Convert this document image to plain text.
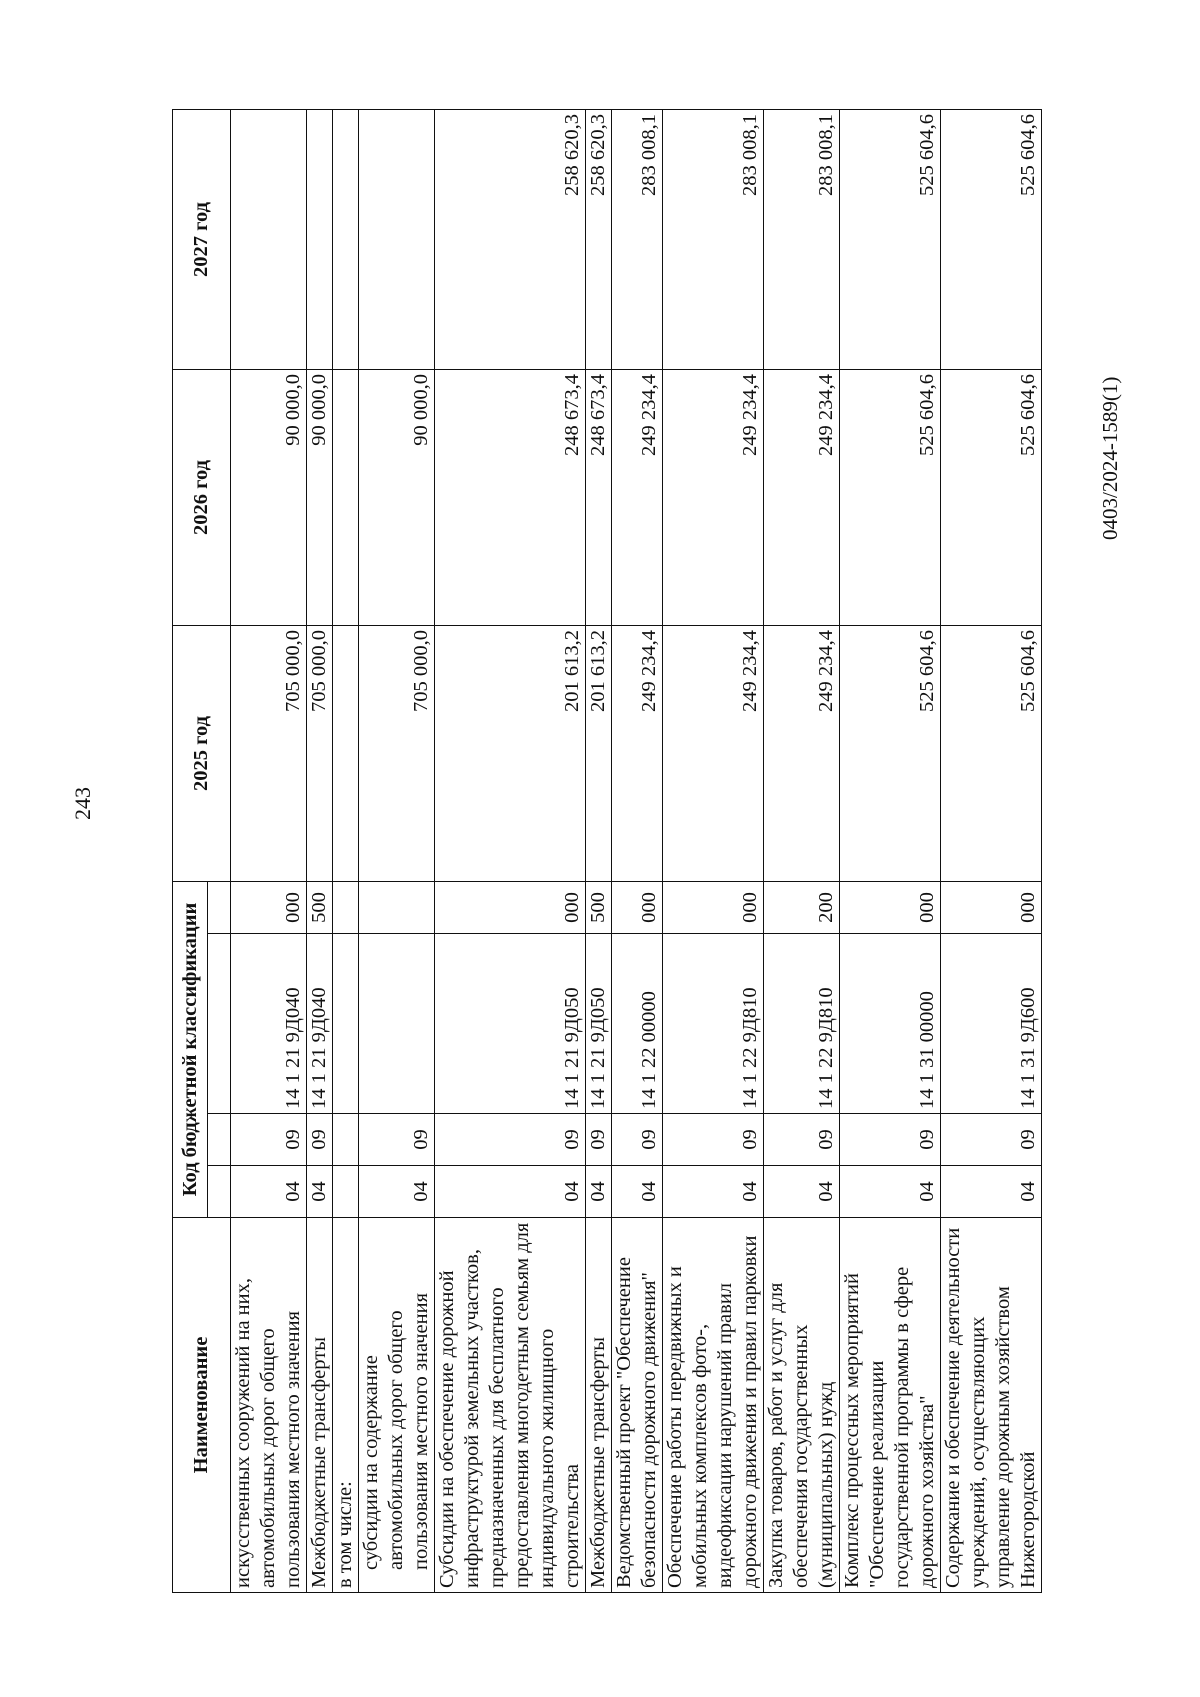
243
0403/2024-1589(1)
Наименование	Код бюджетной классификации				2025 год	2026 год	2027 год

искусственных сооружений на них, автомобильных дорог общего пользования местного значения	04	09	14 1 21 9Д040	000	705 000,0	90 000,0	
Межбюджетные трансферты	04	09	14 1 21 9Д040	500	705 000,0	90 000,0	
в том числе:							
субсидии на содержание автомобильных дорог общего пользования местного значения	04	09			705 000,0	90 000,0	
Субсидии на обеспечение дорожной инфраструктурой земельных участков, предназначенных для бесплатного предоставления многодетным семьям для индивидуального жилищного строительства	04	09	14 1 21 9Д050	000	201 613,2	248 673,4	258 620,3
Межбюджетные трансферты	04	09	14 1 21 9Д050	500	201 613,2	248 673,4	258 620,3
Ведомственный проект "Обеспечение безопасности дорожного движения"	04	09	14 1 22 00000	000	249 234,4	249 234,4	283 008,1
Обеспечение работы передвижных и мобильных комплексов фото-, видеофиксации нарушений правил дорожного движения и правил парковки	04	09	14 1 22 9Д810	000	249 234,4	249 234,4	283 008,1
Закупка товаров, работ и услуг для обеспечения государственных (муниципальных) нужд	04	09	14 1 22 9Д810	200	249 234,4	249 234,4	283 008,1
Комплекс процессных мероприятий "Обеспечение реализации государственной программы в сфере дорожного хозяйства"	04	09	14 1 31 00000	000	525 604,6	525 604,6	525 604,6
Содержание и обеспечение деятельности учреждений, осуществляющих управление дорожным хозяйством Нижегородской	04	09	14 1 31 9Д600	000	525 604,6	525 604,6	525 604,6
